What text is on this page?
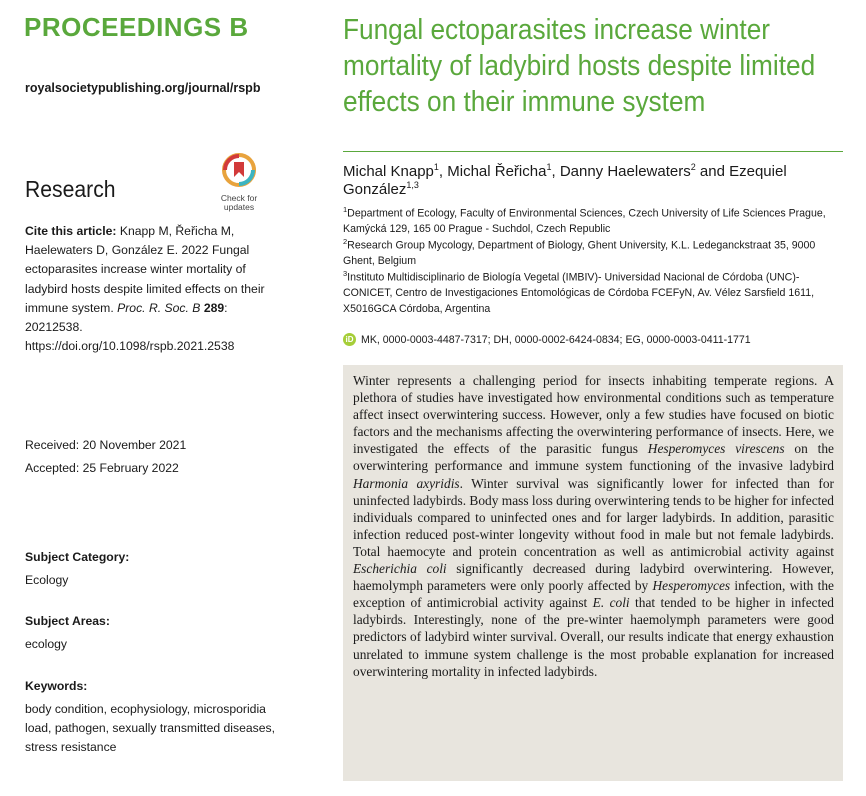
PROCEEDINGS B
royalsocietypublishing.org/journal/rspb
Check for
updates
Research
Cite this article: Knapp M, Řeřicha M, Haelewaters D, González E. 2022 Fungal ectoparasites increase winter mortality of ladybird hosts despite limited effects on their immune system. Proc. R. Soc. B 289: 20212538.
https://doi.org/10.1098/rspb.2021.2538
Received: 20 November 2021
Accepted: 25 February 2022
Subject Category:
Ecology
Subject Areas:
ecology
Keywords:
body condition, ecophysiology, microsporidia load, pathogen, sexually transmitted diseases, stress resistance
Fungal ectoparasites increase winter mortality of ladybird hosts despite limited effects on their immune system
Michal Knapp$^1$, Michal Řeřicha$^1$, Danny Haelewaters$^2$ and Ezequiel González$^{1,3}$
$^1$Department of Ecology, Faculty of Environmental Sciences, Czech University of Life Sciences Prague, Kamýcká 129, 165 00 Prague - Suchdol, Czech Republic
$^2$Research Group Mycology, Department of Biology, Ghent University, K.L. Ledeganckstraat 35, 9000 Ghent, Belgium
$^3$Instituto Multidisciplinario de Biología Vegetal (IMBIV)- Universidad Nacional de Córdoba (UNC)- CONICET, Centro de Investigaciones Entomológicas de Córdoba FCEFyN, Av. Vélez Sarsfield 1611, X5016GCA Córdoba, Argentina
iD MK, 0000-0003-4487-7317; DH, 0000-0002-6424-0834; EG, 0000-0003-0411-1771
Winter represents a challenging period for insects inhabiting temperate regions. A plethora of studies have investigated how environmental conditions such as temperature affect insect overwintering success. However, only a few studies have focused on biotic factors and the mechanisms affecting the overwintering performance of insects. Here, we investigated the effects of the parasitic fungus Hesperomyces virescens on the overwintering performance and immune system functioning of the invasive ladybird Harmonia axyridis. Winter survival was significantly lower for infected than for uninfected ladybirds. Body mass loss during overwintering tends to be higher for infected individuals compared to uninfected ones and for larger ladybirds. In addition, parasitic infection reduced post-winter longevity without food in male but not female ladybirds. Total haemocyte and protein concentration as well as antimicrobial activity against Escherichia coli significantly decreased during ladybird overwintering. However, haemolymph parameters were only poorly affected by Hesperomyces infection, with the exception of antimicrobial activity against E. coli that tended to be higher in infected ladybirds. Interestingly, none of the pre-winter haemolymph parameters were good predictors of ladybird winter survival. Overall, our results indicate that energy exhaustion unrelated to immune system challenge is the most probable explanation for increased overwintering mortality in infected ladybirds.
